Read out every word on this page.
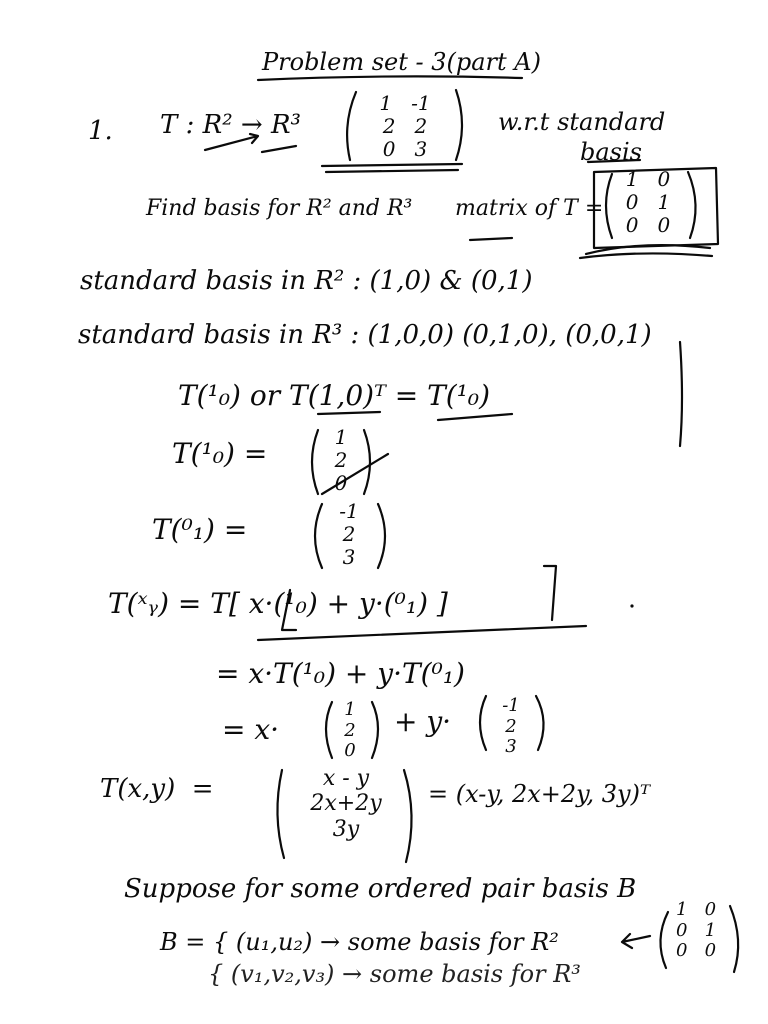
Problem set - 3(part A)
1. T : R² → R³
1   -1
2   2
0   3
w.r.t standard
basis
Find basis for R² and R³ matrix of T =
1   0
0   1
0   0
standard basis in R² : (1,0) & (0,1)
standard basis in R³ : (1,0,0) (0,1,0), (0,0,1)
T(¹₀) or T(1,0)ᵀ = T(¹₀)
T(¹₀) =	1
2
0
T(⁰₁) =
-1
2
3
T(ˣᵧ) = T[ x·(¹₀) + y·(⁰₁) ]
= x·T(¹₀) + y·T(⁰₁)
= x·
1
2
0
+ y·	-1
2
3
T(x,y)  =	x - y
2x+2y
3y
= (x-y, 2x+2y, 3y)ᵀ
Suppose for some ordered pair basis B
B = { (u₁,u₂) → some basis for R²
{ (v₁,v₂,v₃) → some basis for R³
1   0
0   1
0   0
